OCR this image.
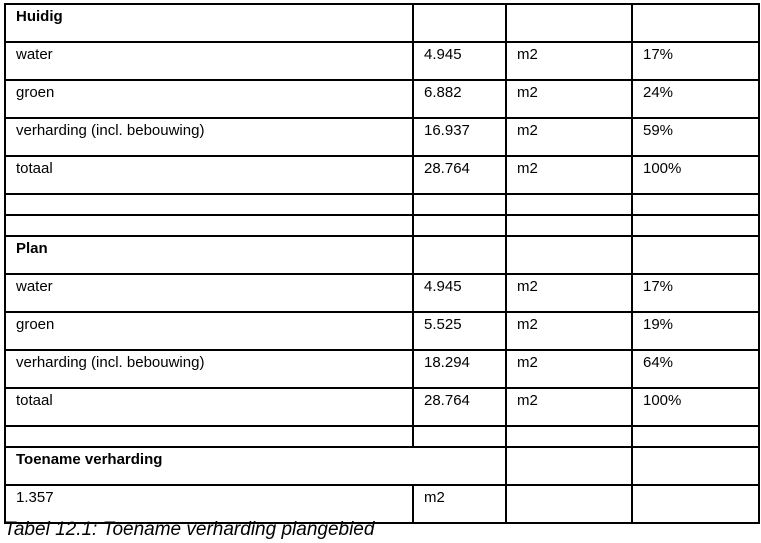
Huidig			
water	4.945	m2	17%
groen	6.882	m2	24%
verharding (incl. bebouwing)	16.937	m2	59%
totaal	28.764	m2	100%

Plan			
water	4.945	m2	17%
groen	5.525	m2	19%
verharding (incl. bebouwing)	18.294	m2	64%
totaal	28.764	m2	100%

Toename verharding			
1.357	m2		
Tabel 12.1: Toename verharding plangebied
